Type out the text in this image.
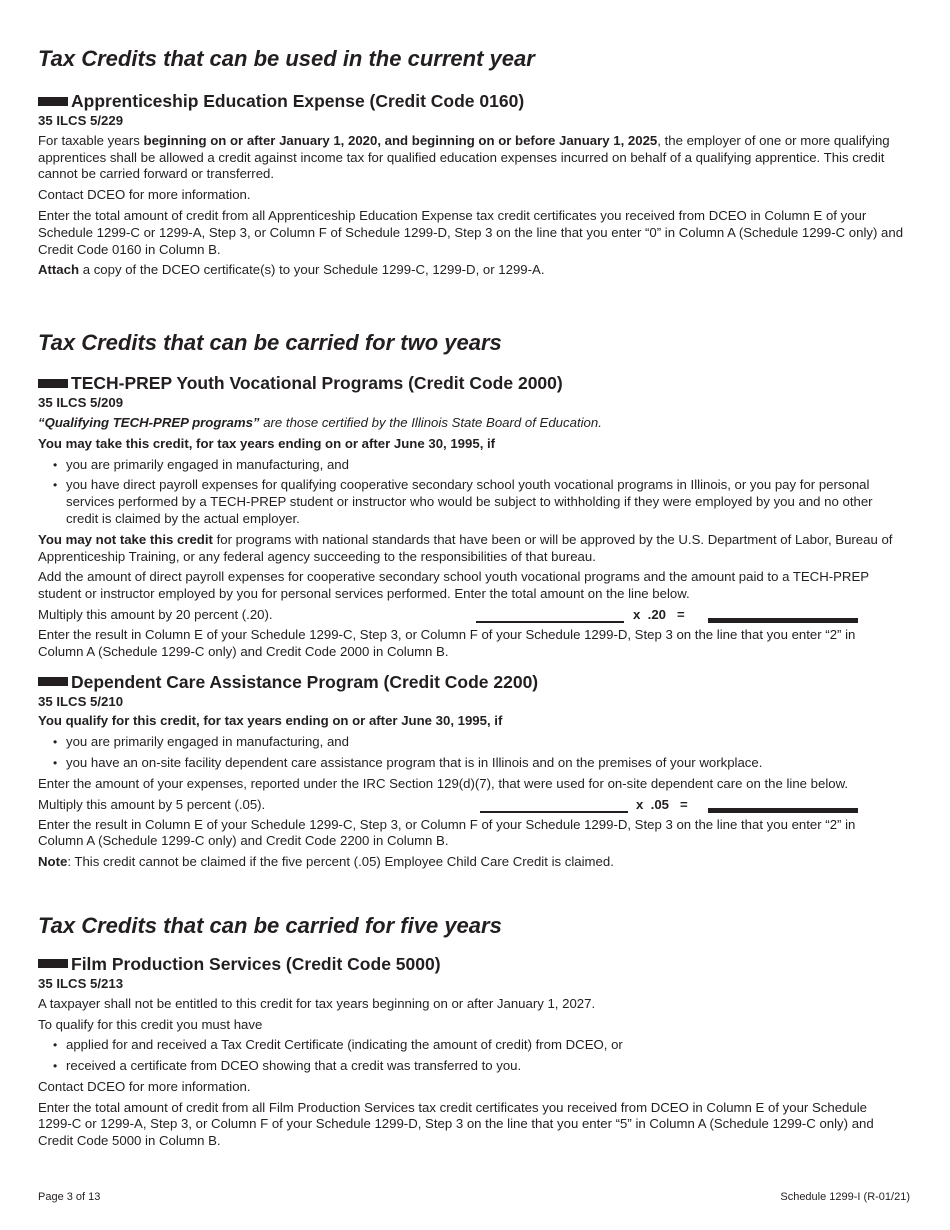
Tax Credits that can be used in the current year
Apprenticeship Education Expense (Credit Code 0160)
35 ILCS 5/229

For taxable years beginning on or after January 1, 2020, and beginning on or before January 1, 2025, the employer of one or more qualifying apprentices shall be allowed a credit against income tax for qualified education expenses incurred on behalf of a qualifying apprentice. This credit cannot be carried forward or transferred.

Contact DCEO for more information.

Enter the total amount of credit from all Apprenticeship Education Expense tax credit certificates you received from DCEO in Column E of your Schedule 1299-C or 1299-A, Step 3, or Column F of Schedule 1299-D, Step 3 on the line that you enter “0” in Column A (Schedule 1299-C only) and Credit Code 0160 in Column B.

Attach a copy of the DCEO certificate(s) to your Schedule 1299-C, 1299-D, or 1299-A.

Tax Credits that can be carried for two years
TECH-PREP Youth Vocational Programs (Credit Code 2000)
35 ILCS 5/209

“Qualifying TECH-PREP programs” are those certified by the Illinois State Board of Education.

You may take this credit, for tax years ending on or after June 30, 1995, if

• you are primarily engaged in manufacturing, and
• you have direct payroll expenses for qualifying cooperative secondary school youth vocational programs in Illinois, or you pay for personal services performed by a TECH-PREP student or instructor who would be subject to withholding if they were employed by you and no other credit is claimed by the actual employer.

You may not take this credit for programs with national standards that have been or will be approved by the U.S. Department of Labor, Bureau of Apprenticeship Training, or any federal agency succeeding to the responsibilities of that bureau.

Add the amount of direct payroll expenses for cooperative secondary school youth vocational programs and the amount paid to a TECH-PREP student or instructor employed by you for personal services performed. Enter the total amount on the line below.

Multiply this amount by 20 percent (.20).	x  .20   =

Enter the result in Column E of your Schedule 1299-C, Step 3, or Column F of your Schedule 1299-D, Step 3 on the line that you enter “2” in Column A (Schedule 1299-C only) and Credit Code 2000 in Column B.

Dependent Care Assistance Program (Credit Code 2200)
35 ILCS 5/210

You qualify for this credit, for tax years ending on or after June 30, 1995, if

• you are primarily engaged in manufacturing, and
• you have an on-site facility dependent care assistance program that is in Illinois and on the premises of your workplace.

Enter the amount of your expenses, reported under the IRC Section 129(d)(7), that were used for on-site dependent care on the line below.

Multiply this amount by 5 percent (.05).	x  .05   =

Enter the result in Column E of your Schedule 1299-C, Step 3, or Column F of your Schedule 1299-D, Step 3 on the line that you enter “2” in Column A (Schedule 1299-C only) and Credit Code 2200 in Column B.

Note: This credit cannot be claimed if the five percent (.05) Employee Child Care Credit is claimed.

Tax Credits that can be carried for five years
Film Production Services (Credit Code 5000)
35 ILCS 5/213

A taxpayer shall not be entitled to this credit for tax years beginning on or after January 1, 2027.

To qualify for this credit you must have

• applied for and received a Tax Credit Certificate (indicating the amount of credit) from DCEO, or
• received a certificate from DCEO showing that a credit was transferred to you.

Contact DCEO for more information.

Enter the total amount of credit from all Film Production Services tax credit certificates you received from DCEO in Column E of your Schedule 1299-C or 1299-A, Step 3, or Column F of your Schedule 1299-D, Step 3 on the line that you enter “5” in Column A (Schedule 1299-C only) and Credit Code 5000 in Column B.

Page 3 of 13	Schedule 1299-I (R-01/21)
